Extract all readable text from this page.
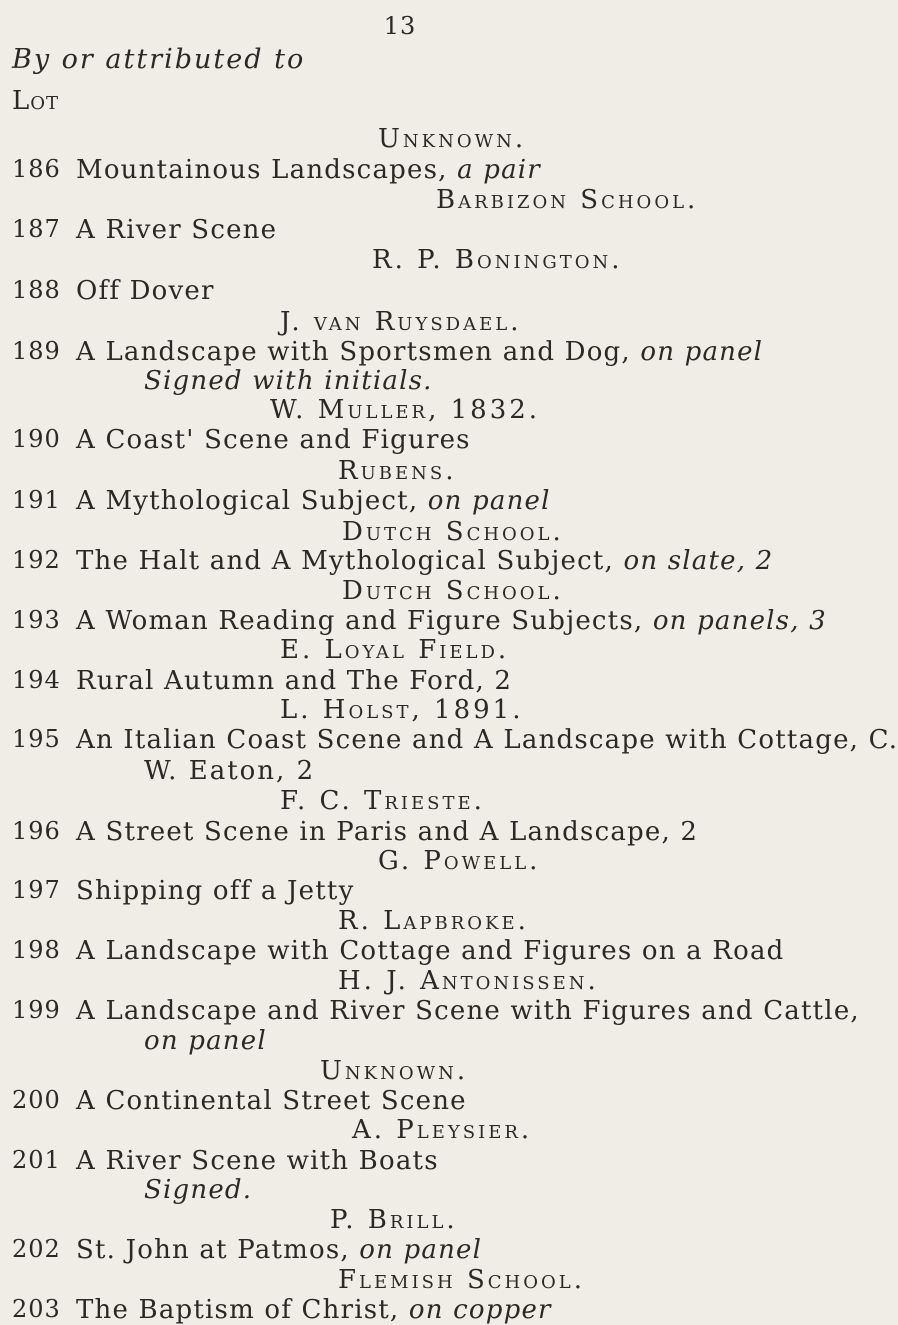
13
By or attributed to
Lot
Unknown.
186 Mountainous Landscapes, a pair
Barbizon School.
187 A River Scene
R. P. Bonington.
188 Off Dover
J. van Ruysdael.
189 A Landscape with Sportsmen and Dog, on panel
Signed with initials.
W. Muller, 1832.
190 A Coast' Scene and Figures
Rubens.
191 A Mythological Subject, on panel
Dutch School.
192 The Halt and A Mythological Subject, on slate, 2
Dutch School.
193 A Woman Reading and Figure Subjects, on panels, 3
E. Loyal Field.
194 Rural Autumn and The Ford, 2
L. Holst, 1891.
195 An Italian Coast Scene and A Landscape with Cottage, C.
W. Eaton, 2
F. C. Trieste.
196 A Street Scene in Paris and A Landscape, 2
G. Powell.
197 Shipping off a Jetty
R. Lapbroke.
198 A Landscape with Cottage and Figures on a Road
H. J. Antonissen.
199 A Landscape and River Scene with Figures and Cattle,
on panel
Unknown.
200 A Continental Street Scene
A. Pleysier.
201 A River Scene with Boats
Signed.
P. Brill.
202 St. John at Patmos, on panel
Flemish School.
203 The Baptism of Christ, on copper
